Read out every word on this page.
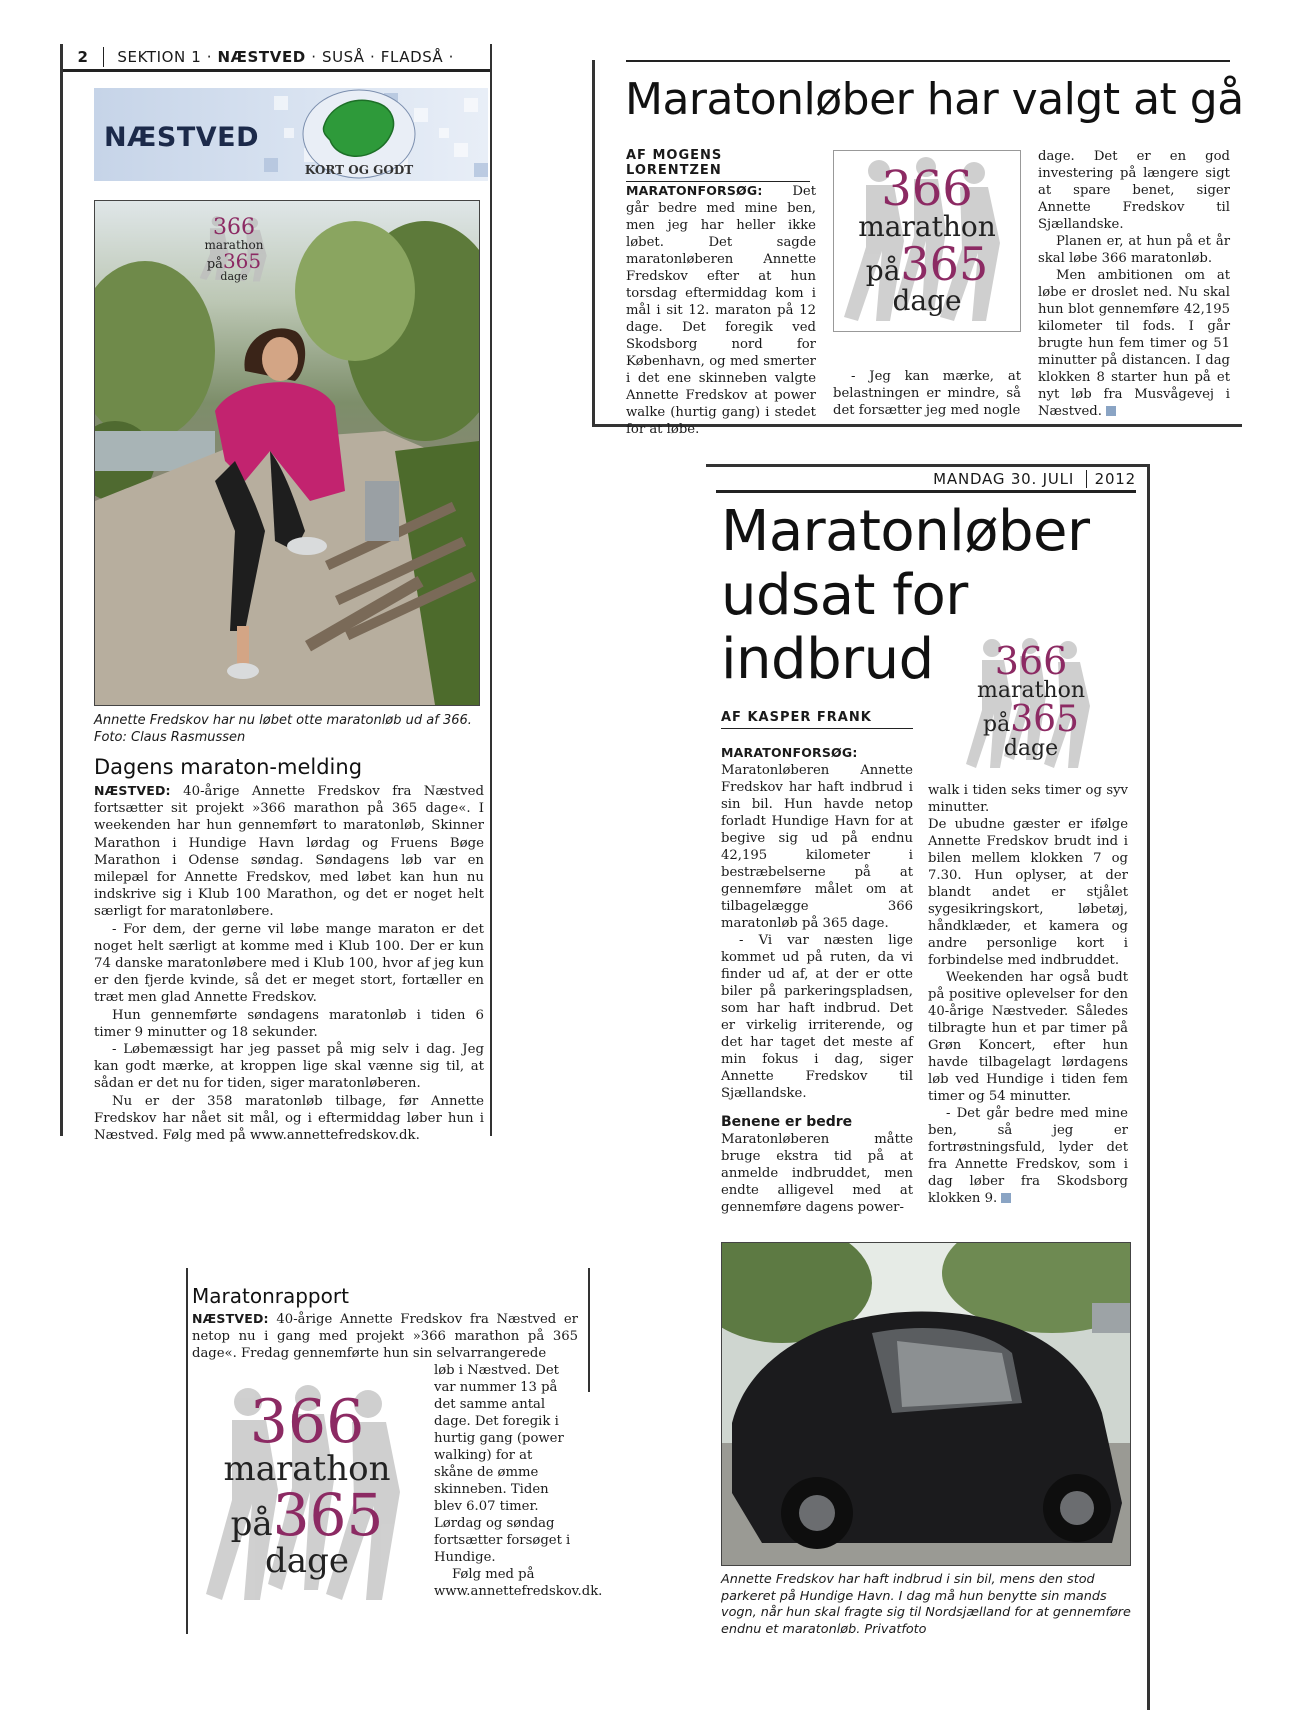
2 SEKTION 1 · NÆSTVED · SUSÅ · FLADSÅ ·
NÆSTVED
KORT OG GODT
366
marathon
på365
dage
Annette Fredskov har nu løbet otte maratonløb ud af 366.
Foto: Claus Rasmussen
Dagens maraton-melding

NÆSTVED: 40-årige Annette Fredskov fra Næstved fortsætter sit projekt »366 marathon på 365 dage«. I weekenden har hun gennemført to maratonløb, Skinner Marathon i Hundige Havn lørdag og Fruens Bøge Marathon i Odense søndag. Søndagens løb var en milepæl for Annette Fredskov, med løbet kan hun nu indskrive sig i Klub 100 Marathon, og det er noget helt særligt for maratonløbere.

- For dem, der gerne vil løbe mange maraton er det noget helt særligt at komme med i Klub 100. Der er kun 74 danske maratonløbere med i Klub 100, hvor af jeg kun er den fjerde kvinde, så det er meget stort, fortæller en træt men glad Annette Fredskov.

Hun gennemførte søndagens maratonløb i tiden 6 timer 9 minutter og 18 sekunder.

- Løbemæssigt har jeg passet på mig selv i dag. Jeg kan godt mærke, at kroppen lige skal vænne sig til, at sådan er det nu for tiden, siger maratonløberen.

Nu er der 358 maratonløb tilbage, før Annette Fredskov har nået sit mål, og i eftermiddag løber hun i Næstved. Følg med på www.annettefredskov.dk.

Maratonløber har valgt at gå
AF MOGENS LORENTZEN

MARATONFORSØG: Det går bedre med mine ben, men jeg har heller ikke løbet. Det sagde maratonløberen Annette Fredskov efter at hun torsdag eftermiddag kom i mål i sit 12. maraton på 12 dage. Det foregik ved Skodsborg nord for København, og med smerter i det ene skinneben valgte Annette Fredskov at power walke (hurtig gang) i stedet for at løbe.

366
marathon
på365
dage

- Jeg kan mærke, at belastningen er mindre, så det forsætter jeg med nogle

dage. Det er en god investering på længere sigt at spare benet, siger Annette Fredskov til Sjællandske.

Planen er, at hun på et år skal løbe 366 maratonløb.

Men ambitionen om at løbe er droslet ned. Nu skal hun blot gennemføre 42,195 kilometer til fods. I går brugte hun fem timer og 51 minutter på distancen. I dag klokken 8 starter hun på et nyt løb fra Musvågevej i Næstved.

MANDAG 30. JULI 2012
Maratonløber
udsat for
indbrud	366
marathon
på365
dage
AF KASPER FRANK

MARATONFORSØG: Maratonløberen Annette Fredskov har haft indbrud i sin bil. Hun havde netop forladt Hundige Havn for at begive sig ud på endnu 42,195 kilometer i bestræbelserne på at gennemføre målet om at tilbagelægge 366 maratonløb på 365 dage.

- Vi var næsten lige kommet ud på ruten, da vi finder ud af, at der er otte biler på parkeringspladsen, som har haft indbrud. Det er virkelig irriterende, og det har taget det meste af min fokus i dag, siger Annette Fredskov til Sjællandske.

Benene er bedre

Maratonløberen måtte bruge ekstra tid på at anmelde indbruddet, men endte alligevel med at gennemføre dagens power-

walk i tiden seks timer og syv minutter.

De ubudne gæster er ifølge Annette Fredskov brudt ind i bilen mellem klokken 7 og 7.30. Hun oplyser, at der blandt andet er stjålet sygesikringskort, løbetøj, håndklæder, et kamera og andre personlige kort i forbindelse med indbruddet.

Weekenden har også budt på positive oplevelser for den 40-årige Næstveder. Således tilbragte hun et par timer på Grøn Koncert, efter hun havde tilbagelagt lørdagens løb ved Hundige i tiden fem timer og 54 minutter.

- Det går bedre med mine ben, så jeg er fortrøstningsfuld, lyder det fra Annette Fredskov, som i dag løber fra Skodsborg klokken 9.

Annette Fredskov har haft indbrud i sin bil, mens den stod parkeret på Hundige Havn. I dag må hun benytte sin mands vogn, når hun skal fragte sig til Nordsjælland for at gennemføre endnu et maratonløb. Privatfoto
Maratonrapport

NÆSTVED: 40-årige Annette Fredskov fra Næstved er netop nu i gang med projekt »366 marathon på 365 dage«. Fredag gennemførte hun sin selvarrangerede

366
marathon
på365
dage

løb i Næstved. Det var nummer 13 på det samme antal dage. Det foregik i hurtig gang (power walking) for at skåne de ømme skinneben. Tiden blev 6.07 timer. Lørdag og søndag fortsætter forsøget i Hundige.

Følg med på www.annettefredskov.dk.
